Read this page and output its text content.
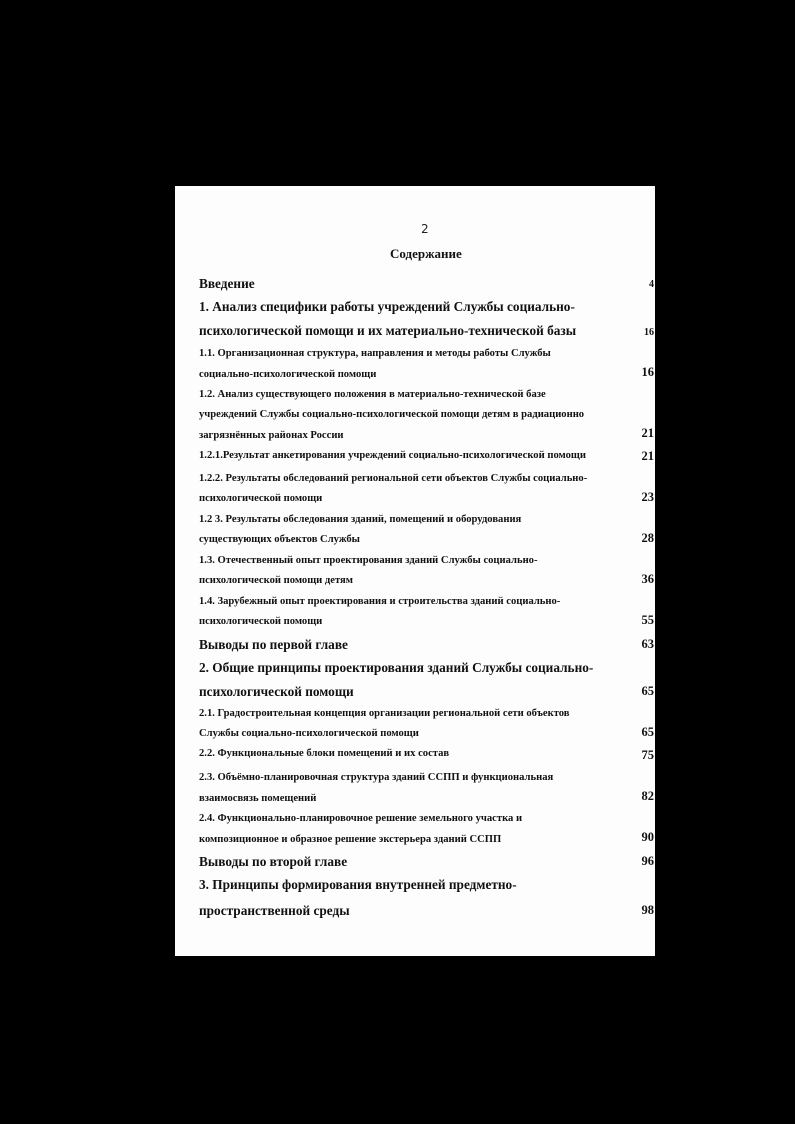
2
Содержание
Введение	4
1. Анализ специфики работы учреждений Службы социально-
психологической помощи и их материально-технической базы	16
1.1. Организационная структура, направления и методы работы Службы
социально-психологической помощи	16
1.2. Анализ существующего положения в материально-технической базе
учреждений Службы социально-психологической помощи детям в радиационно
загрязнённых районах России	21
1.2.1.Результат анкетирования учреждений социально-психологической помощи	21
1.2.2. Результаты обследований региональной сети объектов Службы социально-
психологической помощи	23
1.2 3. Результаты обследования зданий, помещений и оборудования
существующих объектов Службы	28
1.3. Отечественный опыт проектирования зданий Службы социально-
психологической помощи детям	36
1.4. Зарубежный опыт проектирования и строительства зданий социально-
психологической помощи	55
Выводы по первой главе	63
2. Общие принципы проектирования зданий Службы социально-
психологической помощи	65
2.1. Градостроительная концепция организации региональной сети объектов
Службы социально-психологической помощи	65
2.2. Функциональные блоки помещений и их состав	75
2.3. Объёмно-планировочная структура зданий ССПП и функциональная
взаимосвязь помещений	82
2.4. Функционально-планировочное решение земельного участка и
композиционное и образное решение экстерьера зданий ССПП	90
Выводы по второй главе	96
3. Принципы формирования внутренней предметно-
пространственной среды	98
